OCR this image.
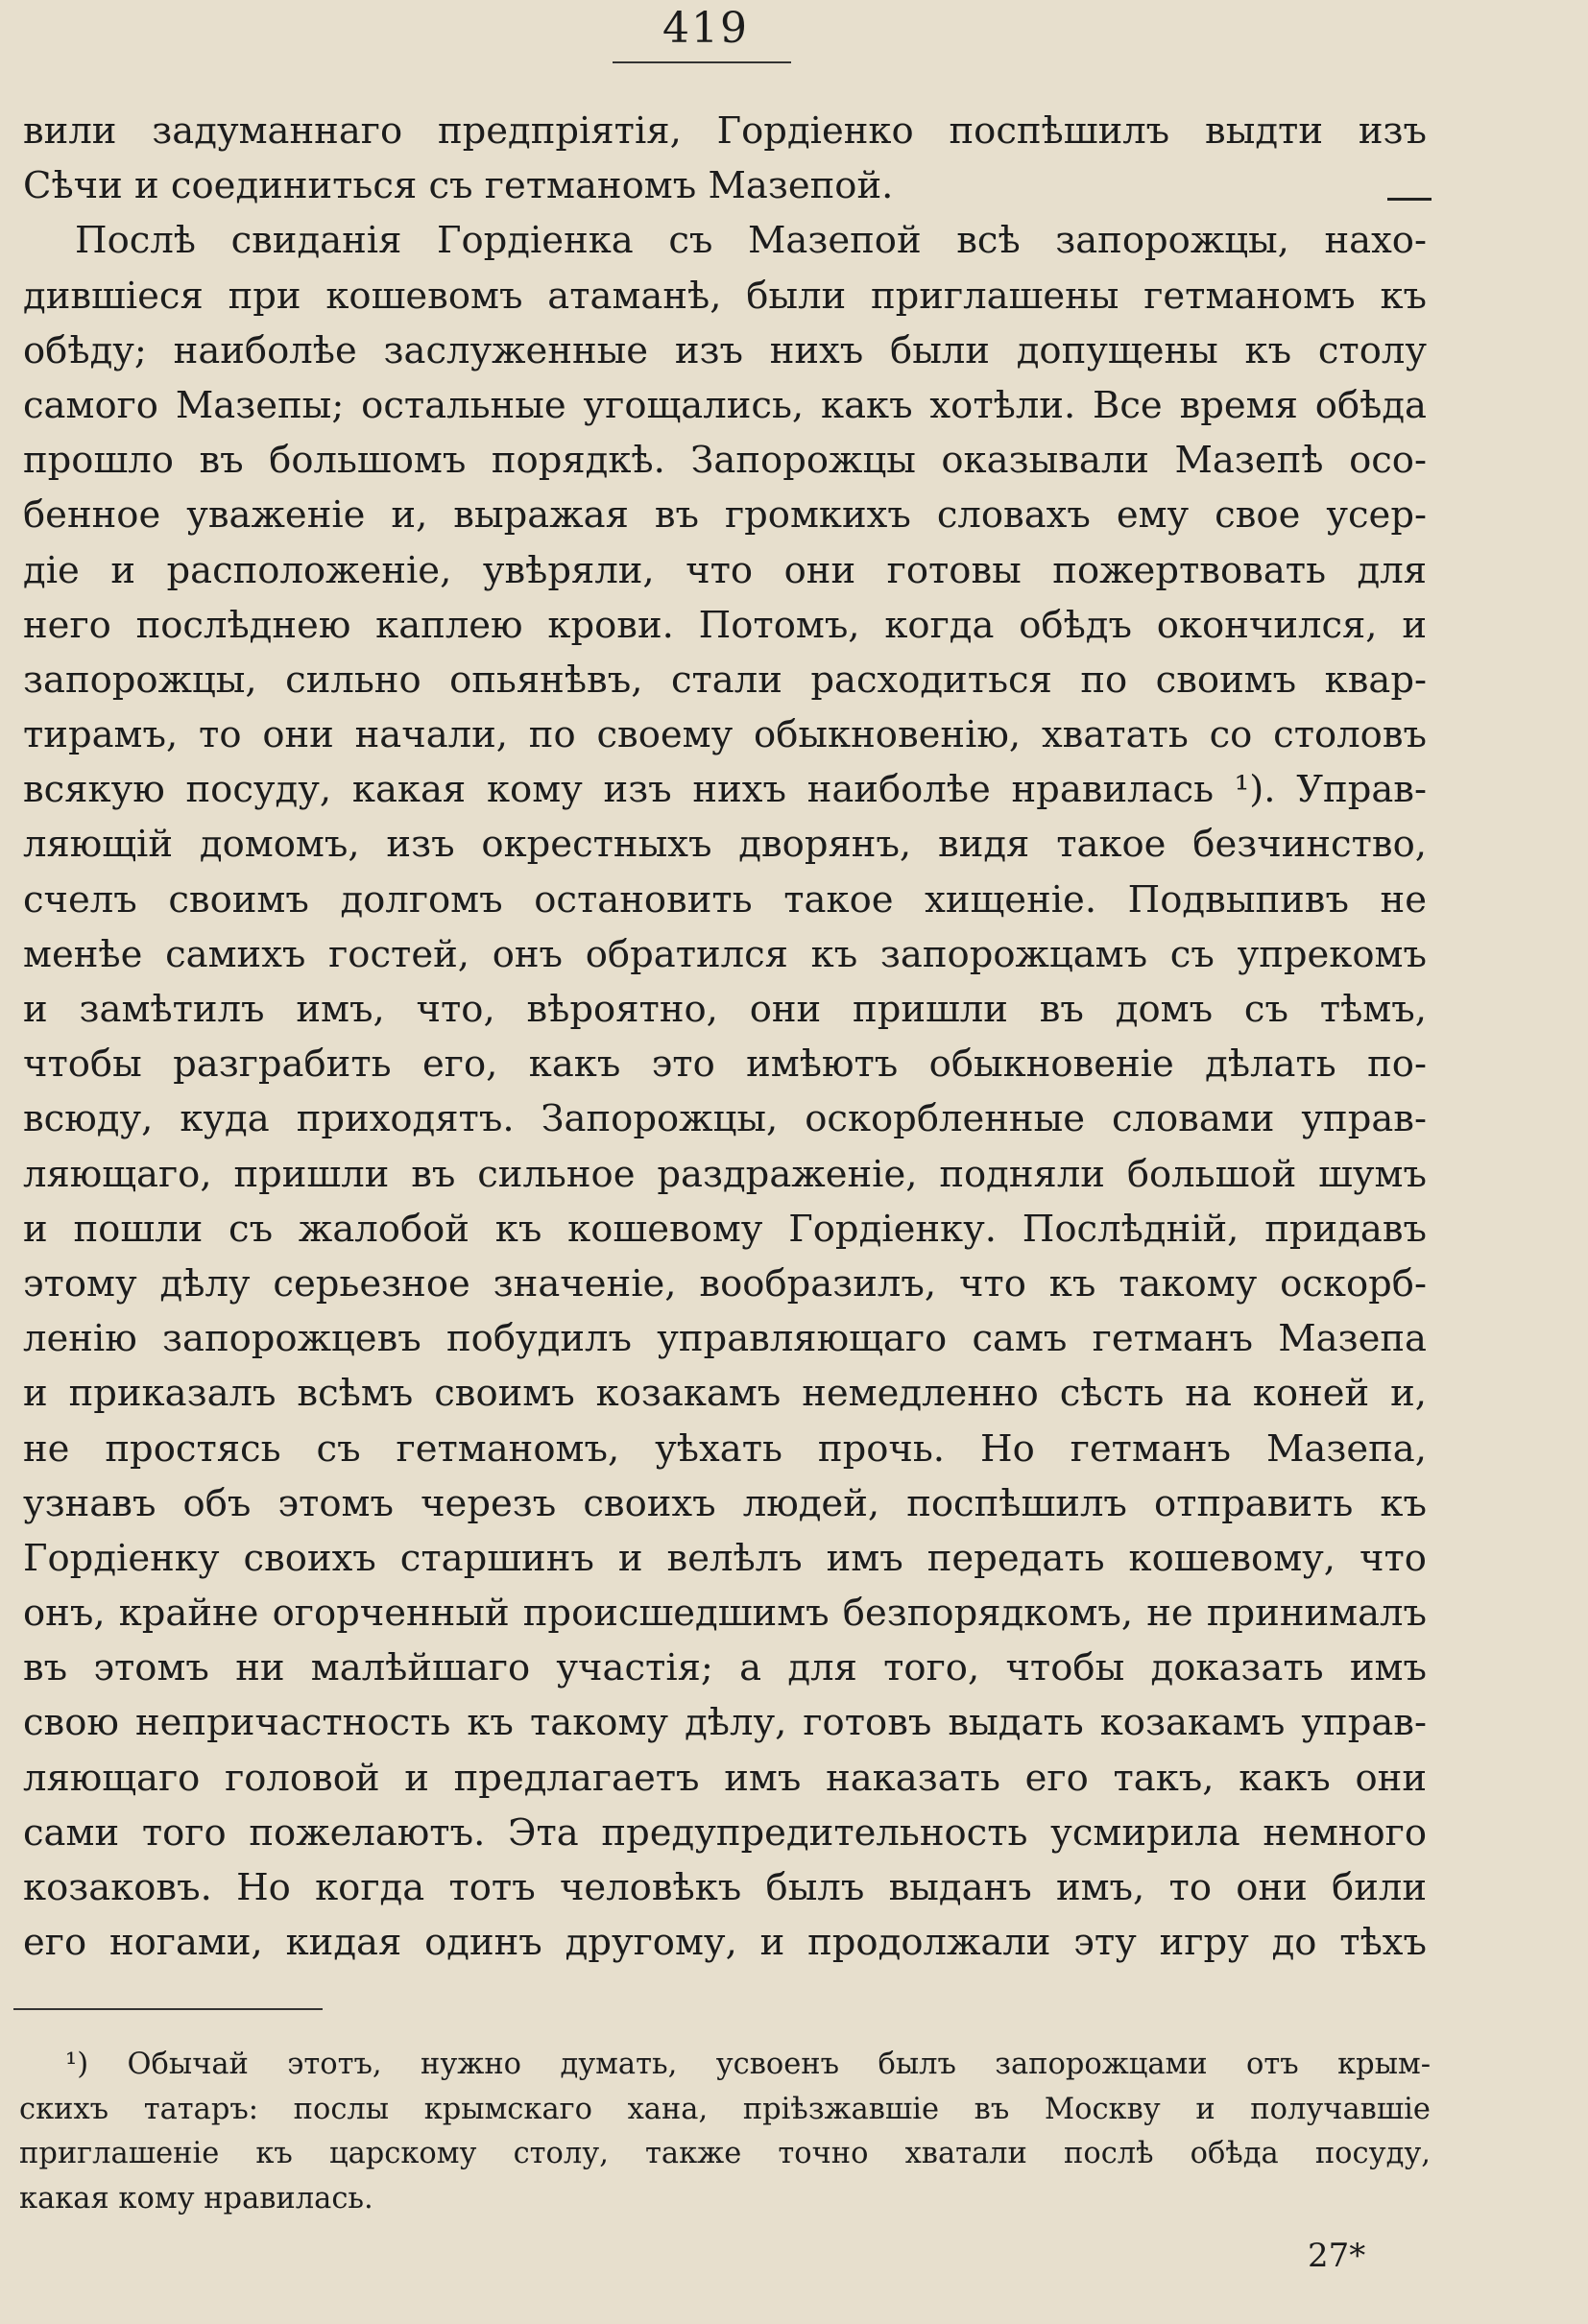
419
вили задуманнаго предпріятія, Гордіенко поспѣшилъ выдти изъ
Сѣчи и соединиться съ гетманомъ Мазепой.
Послѣ свиданія Гордіенка съ Мазепой всѣ запорожцы, нахо-
дившіеся при кошевомъ атаманѣ, были приглашены гетманомъ къ
обѣду; наиболѣе заслуженные изъ нихъ были допущены къ столу
самого Мазепы; остальные угощались, какъ хотѣли. Все время обѣда
прошло въ большомъ порядкѣ. Запорожцы оказывали Мазепѣ осо-
бенное уваженіе и, выражая въ громкихъ словахъ ему свое усер-
діе и расположеніе, увѣряли, что они готовы пожертвовать для
него послѣднею каплею крови. Потомъ, когда обѣдъ окончился, и
запорожцы, сильно опьянѣвъ, стали расходиться по своимъ квар-
тирамъ, то они начали, по своему обыкновенію, хватать со столовъ
всякую посуду, какая кому изъ нихъ наиболѣе нравилась ¹). Управ-
ляющій домомъ, изъ окрестныхъ дворянъ, видя такое безчинство,
счелъ своимъ долгомъ остановить такое хищеніе. Подвыпивъ не
менѣе самихъ гостей, онъ обратился къ запорожцамъ съ упрекомъ
и замѣтилъ имъ, что, вѣроятно, они пришли въ домъ съ тѣмъ,
чтобы разграбить его, какъ это имѣютъ обыкновеніе дѣлать по-
всюду, куда приходятъ. Запорожцы, оскорбленные словами управ-
ляющаго, пришли въ сильное раздраженіе, подняли большой шумъ
и пошли съ жалобой къ кошевому Гордіенку. Послѣдній, придавъ
этому дѣлу серьезное значеніе, вообразилъ, что къ такому оскорб-
ленію запорожцевъ побудилъ управляющаго самъ гетманъ Мазепа
и приказалъ всѣмъ своимъ козакамъ немедленно сѣсть на коней и,
не простясь съ гетманомъ, уѣхать прочь. Но гетманъ Мазепа,
узнавъ объ этомъ черезъ своихъ людей, поспѣшилъ отправить къ
Гордіенку своихъ старшинъ и велѣлъ имъ передать кошевому, что
онъ, крайне огорченный происшедшимъ безпорядкомъ, не принималъ
въ этомъ ни малѣйшаго участія; а для того, чтобы доказать имъ
свою непричастность къ такому дѣлу, готовъ выдать козакамъ управ-
ляющаго головой и предлагаетъ имъ наказать его такъ, какъ они
сами того пожелаютъ. Эта предупредительность усмирила немного
козаковъ. Но когда тотъ человѣкъ былъ выданъ имъ, то они били
его ногами, кидая одинъ другому, и продолжали эту игру до тѣхъ
¹) Обычай этотъ, нужно думать, усвоенъ былъ запорожцами отъ крым-
скихъ татаръ: послы крымскаго хана, пріѣзжавшіе въ Москву и получавшіе
приглашеніе къ царскому столу, также точно хватали послѣ обѣда посуду,
какая кому нравилась.
27*
